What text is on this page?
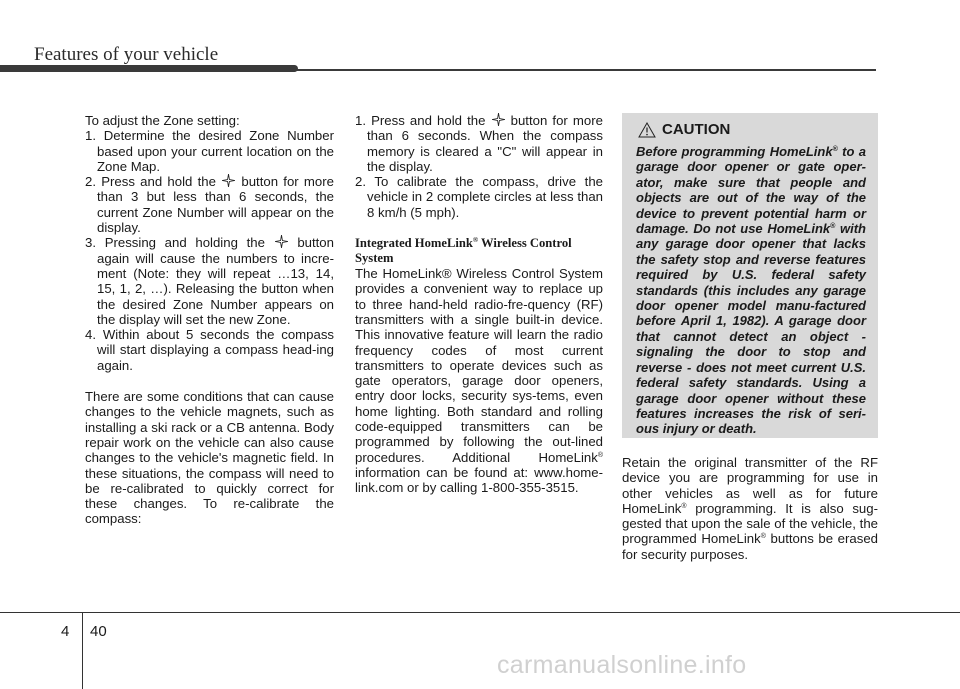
Features of your vehicle

To adjust the Zone setting:

1. Determine the desired Zone Number based upon your current location on the Zone Map.
2. Press and hold the button for more than 3 but less than 6 seconds, the current Zone Number will appear on the display.
3. Pressing and holding the button again will cause the numbers to incre-ment (Note: they will repeat …13, 14, 15, 1, 2, …). Releasing the button when the desired Zone Number appears on the display will set the new Zone.
4. Within about 5 seconds the compass will start displaying a compass head-ing again.

There are some conditions that can cause changes to the vehicle magnets, such as installing a ski rack or a CB antenna. Body repair work on the vehicle can also cause changes to the vehicle's magnetic field. In these situations, the compass will need to be re-calibrated to quickly correct for these changes. To re-calibrate the compass:

1. Press and hold the button for more than 6 seconds. When the compass memory is cleared a "C" will appear in the display.
2. To calibrate the compass, drive the vehicle in 2 complete circles at less than 8 km/h (5 mph).

Integrated HomeLink® Wireless Control System

The HomeLink® Wireless Control System provides a convenient way to replace up to three hand-held radio-fre-quency (RF) transmitters with a single built-in device. This innovative feature will learn the radio frequency codes of most current transmitters to operate devices such as gate operators, garage door openers, entry door locks, security sys-tems, even home lighting. Both standard and rolling code-equipped transmitters can be programmed by following the out-lined procedures. Additional HomeLink® information can be found at: www.home-link.com or by calling 1-800-355-3515.

CAUTION

Before programming HomeLink® to a garage door opener or gate oper-ator, make sure that people and objects are out of the way of the device to prevent potential harm or damage. Do not use HomeLink® with any garage door opener that lacks the safety stop and reverse features required by U.S. federal safety standards (this includes any garage door opener model manu-factured before April 1, 1982). A garage door that cannot detect an object - signaling the door to stop and reverse - does not meet current U.S. federal safety standards. Using a garage door opener without these features increases the risk of seri-ous injury or death.

Retain the original transmitter of the RF device you are programming for use in other vehicles as well as for future HomeLink® programming. It is also sug-gested that upon the sale of the vehicle, the programmed HomeLink® buttons be erased for security purposes.

4 40
carmanualsonline.info
